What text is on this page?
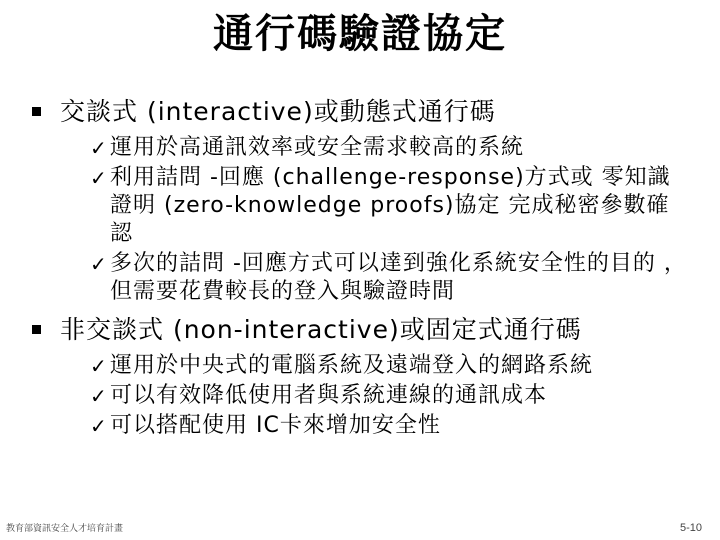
通行碼驗證協定
交談式 (interactive)或動態式通行碼
✓ 運用於高通訊效率或安全需求較高的系統
✓ 利用詰問 -回應 (challenge-response)方式或 零知識證明 (zero-knowledge proofs)協定 完成秘密參數確認
✓ 多次的詰問 -回應方式可以達到強化系統安全性的目的 ，但需要花費較長的登入與驗證時間
非交談式 (non-interactive)或固定式通行碼
✓ 運用於中央式的電腦系統及遠端登入的網路系統
✓ 可以有效降低使用者與系統連線的通訊成本
✓ 可以搭配使用 IC卡來增加安全性
教育部資訊安全人才培育計畫	5-10
